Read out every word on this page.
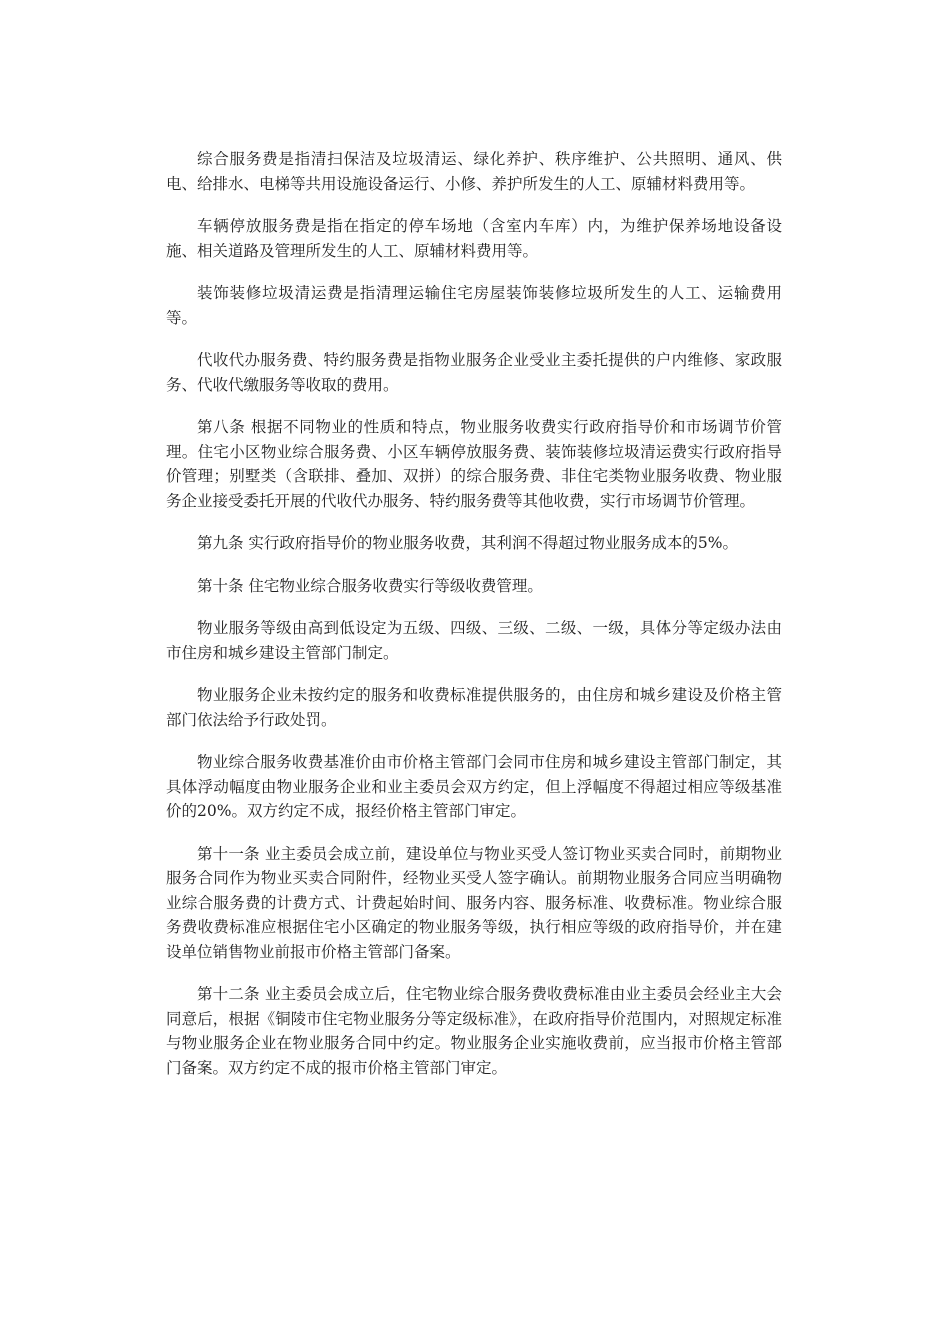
综合服务费是指清扫保洁及垃圾清运、绿化养护、秩序维护、公共照明、通风、供电、给排水、电梯等共用设施设备运行、小修、养护所发生的人工、原辅材料费用等。

车辆停放服务费是指在指定的停车场地（含室内车库）内，为维护保养场地设备设施、相关道路及管理所发生的人工、原辅材料费用等。

装饰装修垃圾清运费是指清理运输住宅房屋装饰装修垃圾所发生的人工、运输费用等。

代收代办服务费、特约服务费是指物业服务企业受业主委托提供的户内维修、家政服务、代收代缴服务等收取的费用。

第八条 根据不同物业的性质和特点，物业服务收费实行政府指导价和市场调节价管理。住宅小区物业综合服务费、小区车辆停放服务费、装饰装修垃圾清运费实行政府指导价管理；别墅类（含联排、叠加、双拼）的综合服务费、非住宅类物业服务收费、物业服务企业接受委托开展的代收代办服务、特约服务费等其他收费，实行市场调节价管理。

第九条 实行政府指导价的物业服务收费，其利润不得超过物业服务成本的5%。

第十条 住宅物业综合服务收费实行等级收费管理。

物业服务等级由高到低设定为五级、四级、三级、二级、一级，具体分等定级办法由市住房和城乡建设主管部门制定。

物业服务企业未按约定的服务和收费标准提供服务的，由住房和城乡建设及价格主管部门依法给予行政处罚。

物业综合服务收费基准价由市价格主管部门会同市住房和城乡建设主管部门制定，其具体浮动幅度由物业服务企业和业主委员会双方约定，但上浮幅度不得超过相应等级基准价的20%。双方约定不成，报经价格主管部门审定。

第十一条 业主委员会成立前，建设单位与物业买受人签订物业买卖合同时，前期物业服务合同作为物业买卖合同附件，经物业买受人签字确认。前期物业服务合同应当明确物业综合服务费的计费方式、计费起始时间、服务内容、服务标准、收费标准。物业综合服务费收费标准应根据住宅小区确定的物业服务等级，执行相应等级的政府指导价，并在建设单位销售物业前报市价格主管部门备案。

第十二条 业主委员会成立后，住宅物业综合服务费收费标准由业主委员会经业主大会同意后，根据《铜陵市住宅物业服务分等定级标准》，在政府指导价范围内，对照规定标准与物业服务企业在物业服务合同中约定。物业服务企业实施收费前，应当报市价格主管部门备案。双方约定不成的报市价格主管部门审定。
